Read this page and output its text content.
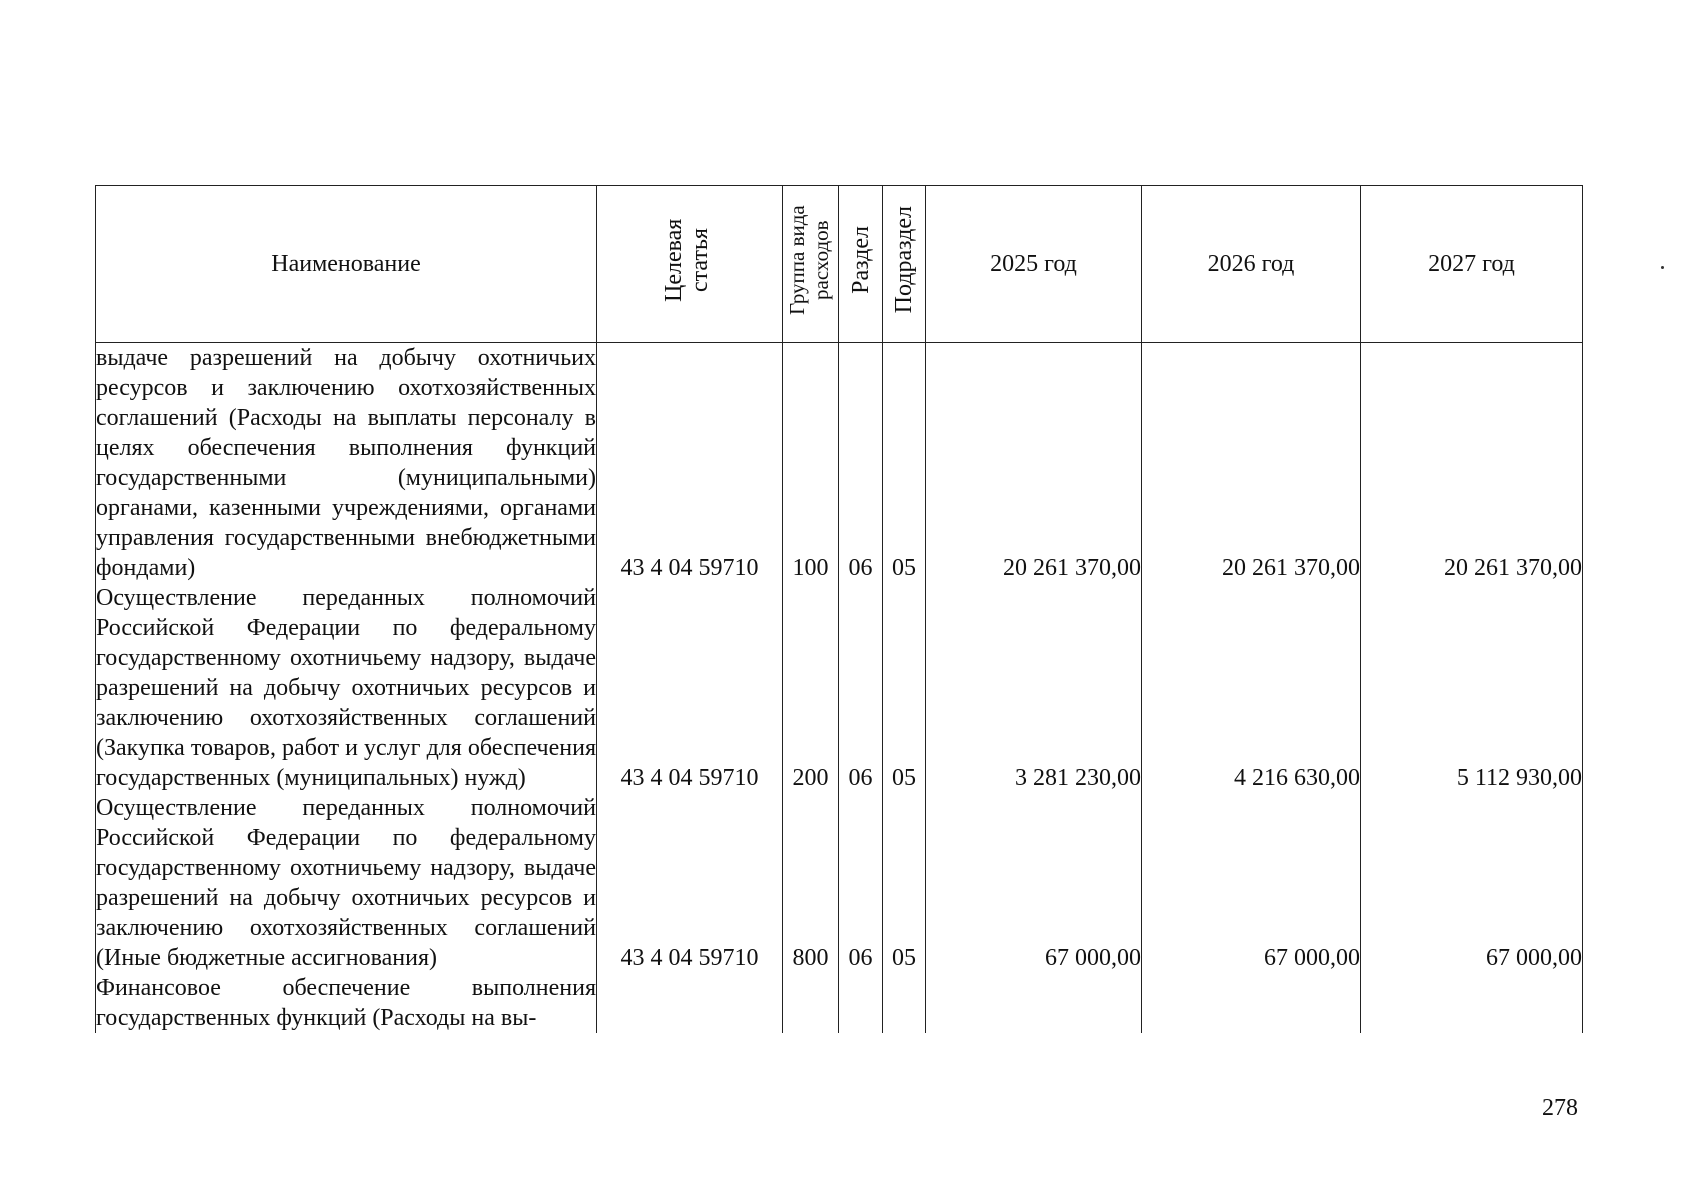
Наименование	Целевая статья	Группа вида расходов	Раздел	Подраздел	2025 год	2026 год	2027 год

выдаче разрешений на добычу охотничьих ресурсов и заключению охотхозяйственных соглашений (Расходы на выплаты персоналу в целях обеспечения выполнения функций государственными (муниципальными) органами, казенными учреждениями, органами управления государственными внебюджетными фондами)	43 4 04 59710	100	06	05	20 261 370,00	20 261 370,00	20 261 370,00

Осуществление переданных полномочий Российской Федерации по федеральному государственному охотничьему надзору, выдаче разрешений на добычу охотничьих ресурсов и заключению охотхозяйственных соглашений (Закупка товаров, работ и услуг для обеспечения государственных (муниципальных) нужд)	43 4 04 59710	200	06	05	3 281 230,00	4 216 630,00	5 112 930,00

Осуществление переданных полномочий Российской Федерации по федеральному государственному охотничьему надзору, выдаче разрешений на добычу охотничьих ресурсов и заключению охотхозяйственных соглашений (Иные бюджетные ассигнования)	43 4 04 59710	800	06	05	67 000,00	67 000,00	67 000,00

Финансовое обеспечение выполнения государственных функций (Расходы на вы-							

278
